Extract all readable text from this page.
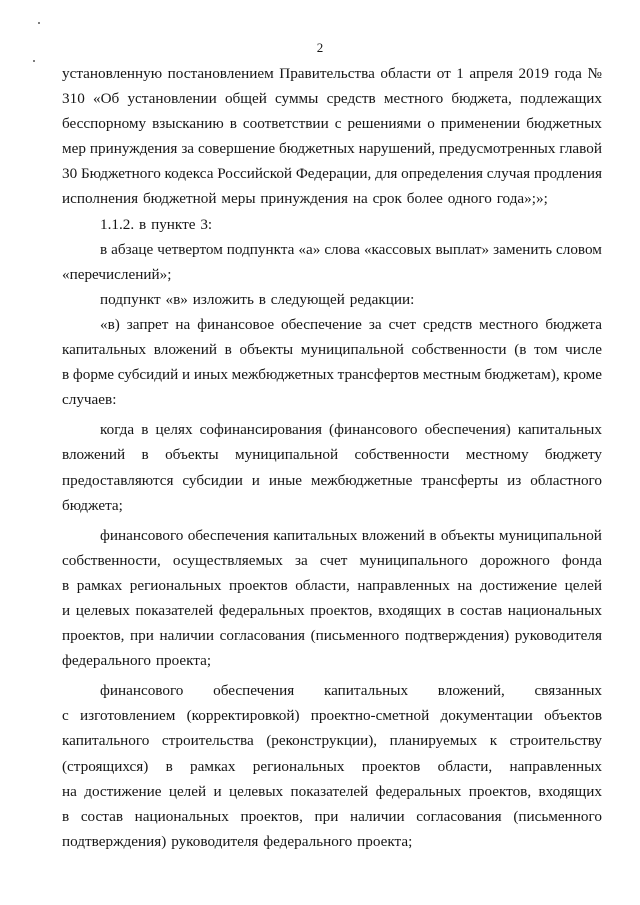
2
установленную постановлением Правительства области от 1 апреля 2019 года №
310 «Об установлении общей суммы средств местного бюджета, подлежащих
бесспорному взысканию в соответствии с решениями о применении бюджетных
мер принуждения за совершение бюджетных нарушений, предусмотренных главой
30 Бюджетного кодекса Российской Федерации, для определения случая продления
исполнения бюджетной меры принуждения на срок более одного года»;»;
1.1.2. в пункте 3:
в абзаце четвертом подпункта «а» слова «кассовых выплат» заменить словом
«перечислений»;
подпункт «в» изложить в следующей редакции:
«в) запрет на финансовое обеспечение за счет средств местного бюджета
капитальных вложений в объекты муниципальной собственности (в том числе
в форме субсидий и иных межбюджетных трансфертов местным бюджетам), кроме
случаев:
когда в целях софинансирования (финансового обеспечения) капитальных
вложений в объекты муниципальной собственности местному бюджету
предоставляются субсидии и иные межбюджетные трансферты из областного
бюджета;
финансового обеспечения капитальных вложений в объекты муниципальной
собственности, осуществляемых за счет муниципального дорожного фонда
в рамках региональных проектов области, направленных на достижение целей
и целевых показателей федеральных проектов, входящих в состав национальных
проектов, при наличии согласования (письменного подтверждения) руководителя
федерального проекта;
финансового обеспечения капитальных вложений, связанных
с изготовлением (корректировкой) проектно-сметной документации объектов
капитального строительства (реконструкции), планируемых к строительству
(строящихся) в рамках региональных проектов области, направленных
на достижение целей и целевых показателей федеральных проектов, входящих
в состав национальных проектов, при наличии согласования (письменного
подтверждения) руководителя федерального проекта;
